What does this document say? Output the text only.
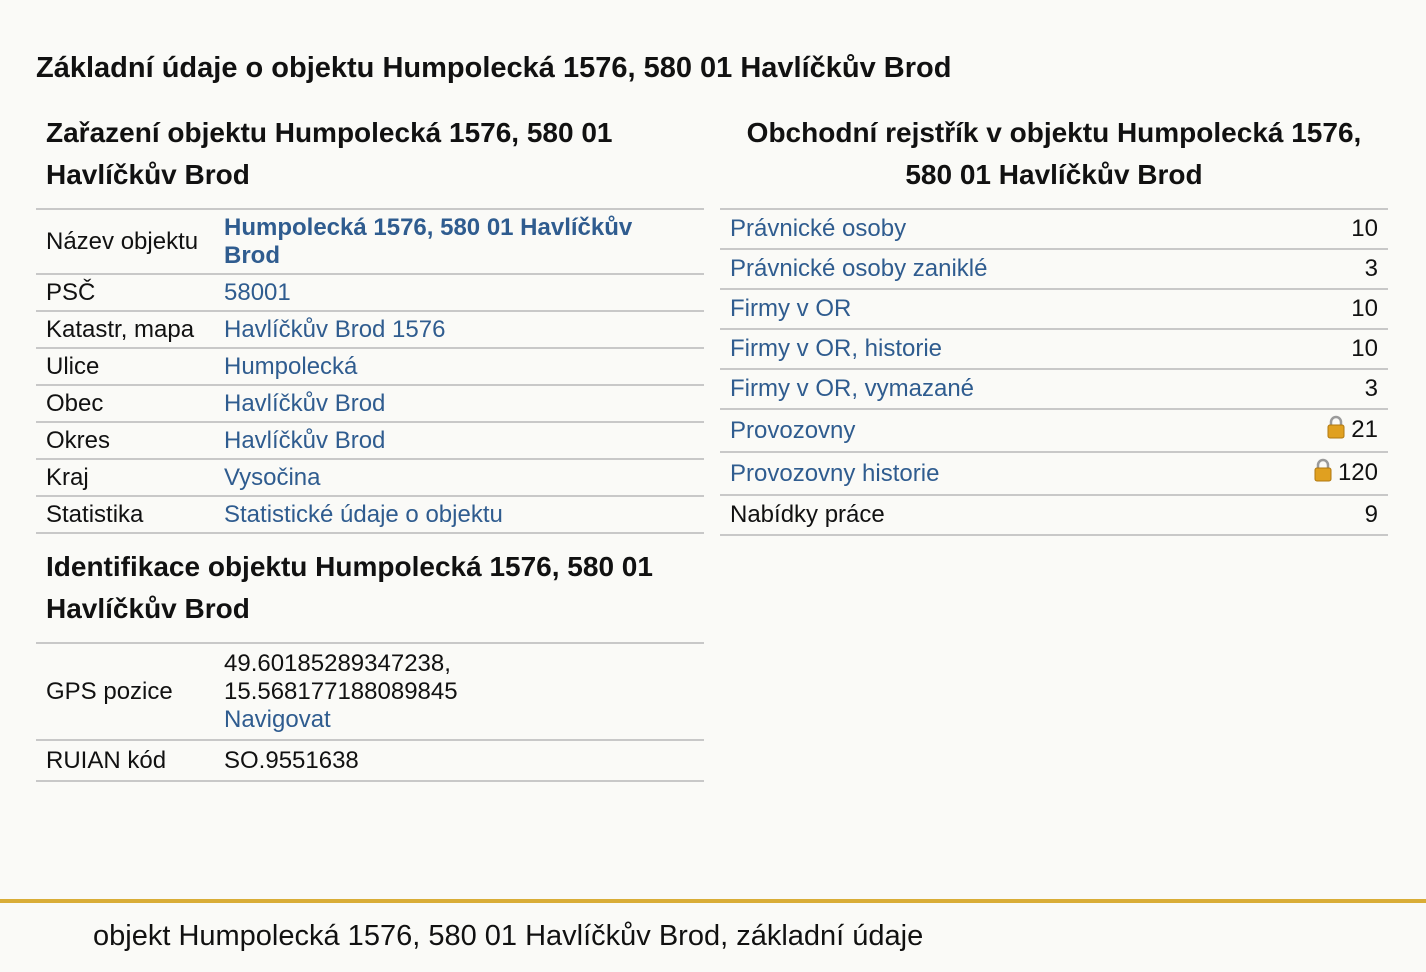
Základní údaje o objektu Humpolecká 1576, 580 01 Havlíčkův Brod
Zařazení objektu Humpolecká 1576, 580 01 Havlíčkův Brod
Název objektu	Humpolecká 1576, 580 01 Havlíčkův Brod
PSČ	58001
Katastr, mapa	Havlíčkův Brod 1576
Ulice	Humpolecká
Obec	Havlíčkův Brod
Okres	Havlíčkův Brod
Kraj	Vysočina
Statistika	Statistické údaje o objektu
Identifikace objektu Humpolecká 1576, 580 01 Havlíčkův Brod
GPS pozice	49.60185289347238,
15.568177188089845
Navigovat
RUIAN kód	SO.9551638
Obchodní rejstřík v objektu Humpolecká 1576, 580 01 Havlíčkův Brod
Právnické osoby	10
Právnické osoby zaniklé	3
Firmy v OR	10
Firmy v OR, historie	10
Firmy v OR, vymazané	3
Provozovny	21
Provozovny historie	120
Nabídky práce	9
objekt Humpolecká 1576, 580 01 Havlíčkův Brod, základní údaje
